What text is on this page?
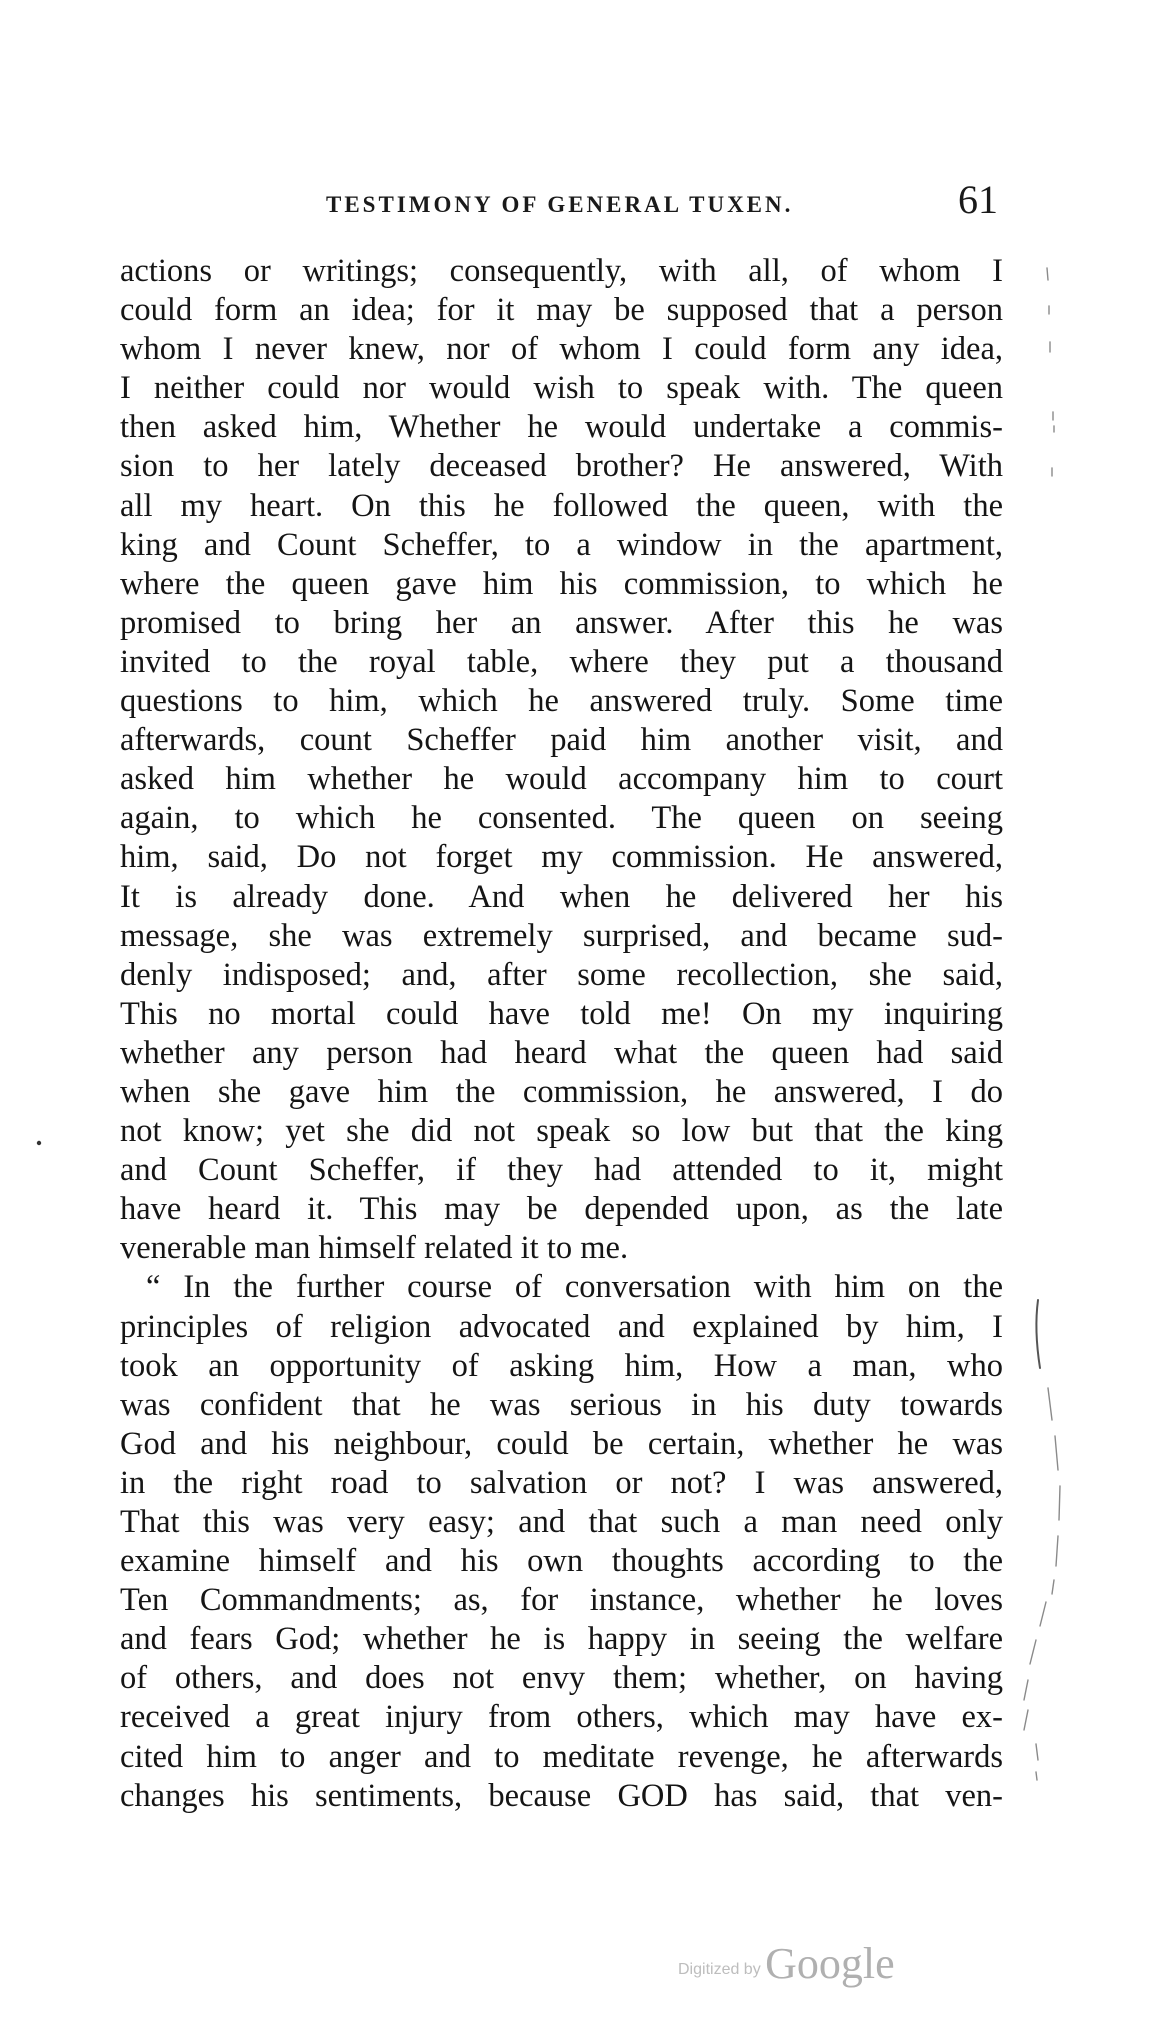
TESTIMONY OF GENERAL TUXEN.	61
actions or writings; consequently, with all, of whom I
could form an idea; for it may be supposed that a person
whom I never knew, nor of whom I could form any idea,
I neither could nor would wish to speak with. The queen
then asked him, Whether he would undertake a commis-
sion to her lately deceased brother? He answered, With
all my heart. On this he followed the queen, with the
king and Count Scheffer, to a window in the apartment,
where the queen gave him his commission, to which he
promised to bring her an answer. After this he was
invited to the royal table, where they put a thousand
questions to him, which he answered truly. Some time
afterwards, count Scheffer paid him another visit, and
asked him whether he would accompany him to court
again, to which he consented. The queen on seeing
him, said, Do not forget my commission. He answered,
It is already done. And when he delivered her his
message, she was extremely surprised, and became sud-
denly indisposed; and, after some recollection, she said,
This no mortal could have told me! On my inquiring
whether any person had heard what the queen had said
when she gave him the commission, he answered, I do
not know; yet she did not speak so low but that the king
and Count Scheffer, if they had attended to it, might
have heard it. This may be depended upon, as the late
venerable man himself related it to me.
“ In the further course of conversation with him on the
principles of religion advocated and explained by him, I
took an opportunity of asking him, How a man, who
was confident that he was serious in his duty towards
God and his neighbour, could be certain, whether he was
in the right road to salvation or not? I was answered,
That this was very easy; and that such a man need only
examine himself and his own thoughts according to the
Ten Commandments; as, for instance, whether he loves
and fears God; whether he is happy in seeing the welfare
of others, and does not envy them; whether, on having
received a great injury from others, which may have ex-
cited him to anger and to meditate revenge, he afterwards
changes his sentiments, because GOD has said, that ven-
Digitized by Google
